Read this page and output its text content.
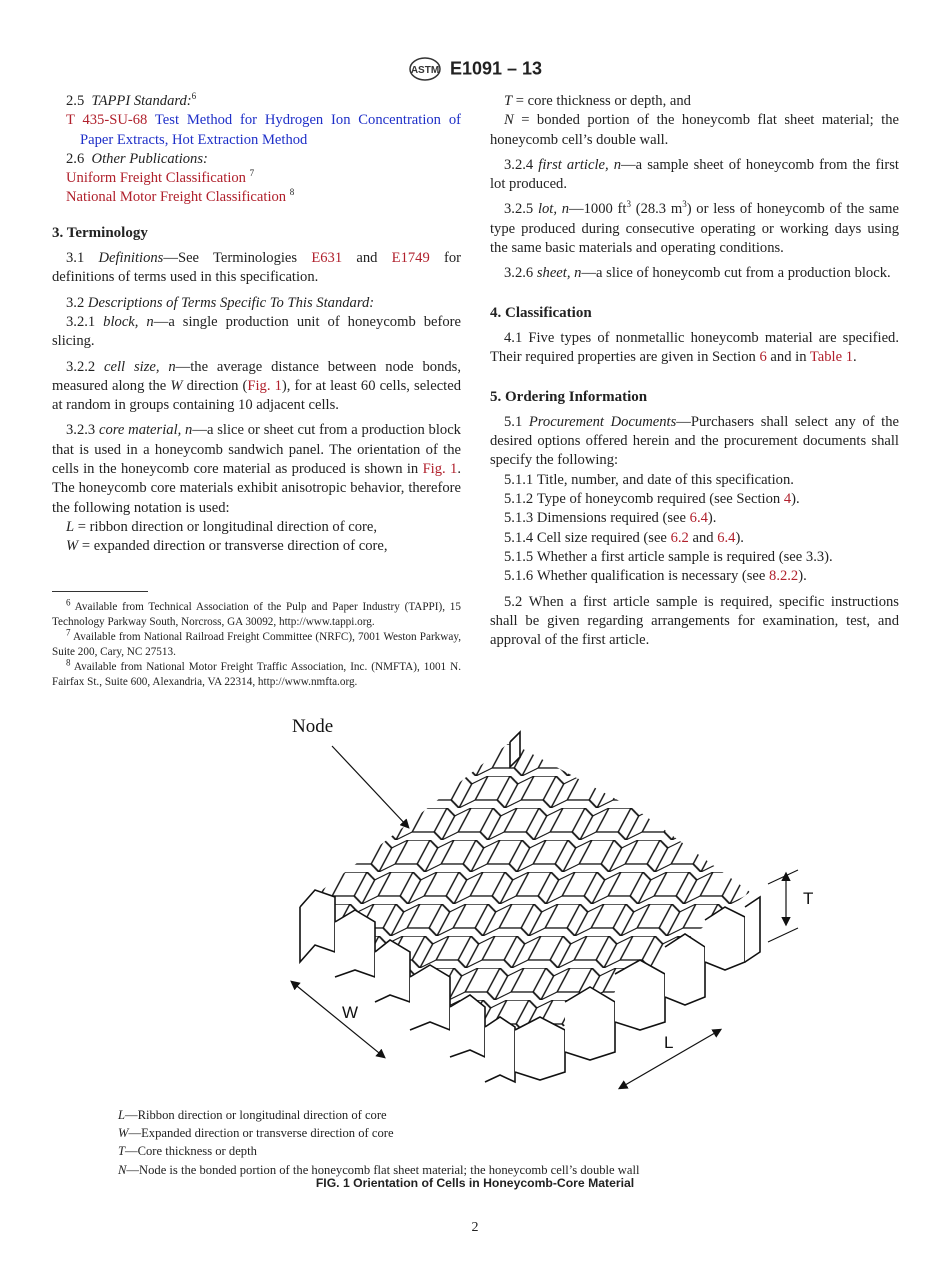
ASTM E1091 – 13

2.5 TAPPI Standard:$^6$

T 435-SU-68 Test Method for Hydrogen Ion Concentration of Paper Extracts, Hot Extraction Method

2.6 Other Publications:

Uniform Freight Classification $^7$

National Motor Freight Classification $^8$

3. Terminology

3.1 Definitions—See Terminologies E631 and E1749 for definitions of terms used in this specification.

3.2 Descriptions of Terms Specific To This Standard:

3.2.1 block, n—a single production unit of honeycomb before slicing.

3.2.2 cell size, n—the average distance between node bonds, measured along the W direction (Fig. 1), for at least 60 cells, selected at random in groups containing 10 adjacent cells.

3.2.3 core material, n—a slice or sheet cut from a production block that is used in a honeycomb sandwich panel. The orientation of the cells in the honeycomb core material as produced is shown in Fig. 1. The honeycomb core materials exhibit anisotropic behavior, therefore the following notation is used:

L = ribbon direction or longitudinal direction of core,

W = expanded direction or transverse direction of core,

$^6$ Available from Technical Association of the Pulp and Paper Industry (TAPPI), 15 Technology Parkway South, Norcross, GA 30092, http://www.tappi.org.

$^7$ Available from National Railroad Freight Committee (NRFC), 7001 Weston Parkway, Suite 200, Cary, NC 27513.

$^8$ Available from National Motor Freight Traffic Association, Inc. (NMFTA), 1001 N. Fairfax St., Suite 600, Alexandria, VA 22314, http://www.nmfta.org.

T = core thickness or depth, and

N = bonded portion of the honeycomb flat sheet material; the honeycomb cell’s double wall.

3.2.4 first article, n—a sample sheet of honeycomb from the first lot produced.

3.2.5 lot, n—1000 $ft^3$ (28.3 $m^3$) or less of honeycomb of the same type produced during consecutive operating or working days using the same basic materials and operating conditions.

3.2.6 sheet, n—a slice of honeycomb cut from a production block.

4. Classification

4.1 Five types of nonmetallic honeycomb material are specified. Their required properties are given in Section 6 and in Table 1.

5. Ordering Information

5.1 Procurement Documents—Purchasers shall select any of the desired options offered herein and the procurement documents shall specify the following:

5.1.1 Title, number, and date of this specification.

5.1.2 Type of honeycomb required (see Section 4).

5.1.3 Dimensions required (see 6.4).

5.1.4 Cell size required (see 6.2 and 6.4).

5.1.5 Whether a first article sample is required (see 3.3).

5.1.6 Whether qualification is necessary (see 8.2.2).

5.2 When a first article sample is required, specific instructions shall be given regarding arrangements for examination, test, and approval of the first article.

Node
T
W
L

L—Ribbon direction or longitudinal direction of core

W—Expanded direction or transverse direction of core

T—Core thickness or depth

N—Node is the bonded portion of the honeycomb flat sheet material; the honeycomb cell’s double wall

FIG. 1 Orientation of Cells in Honeycomb-Core Material
2
